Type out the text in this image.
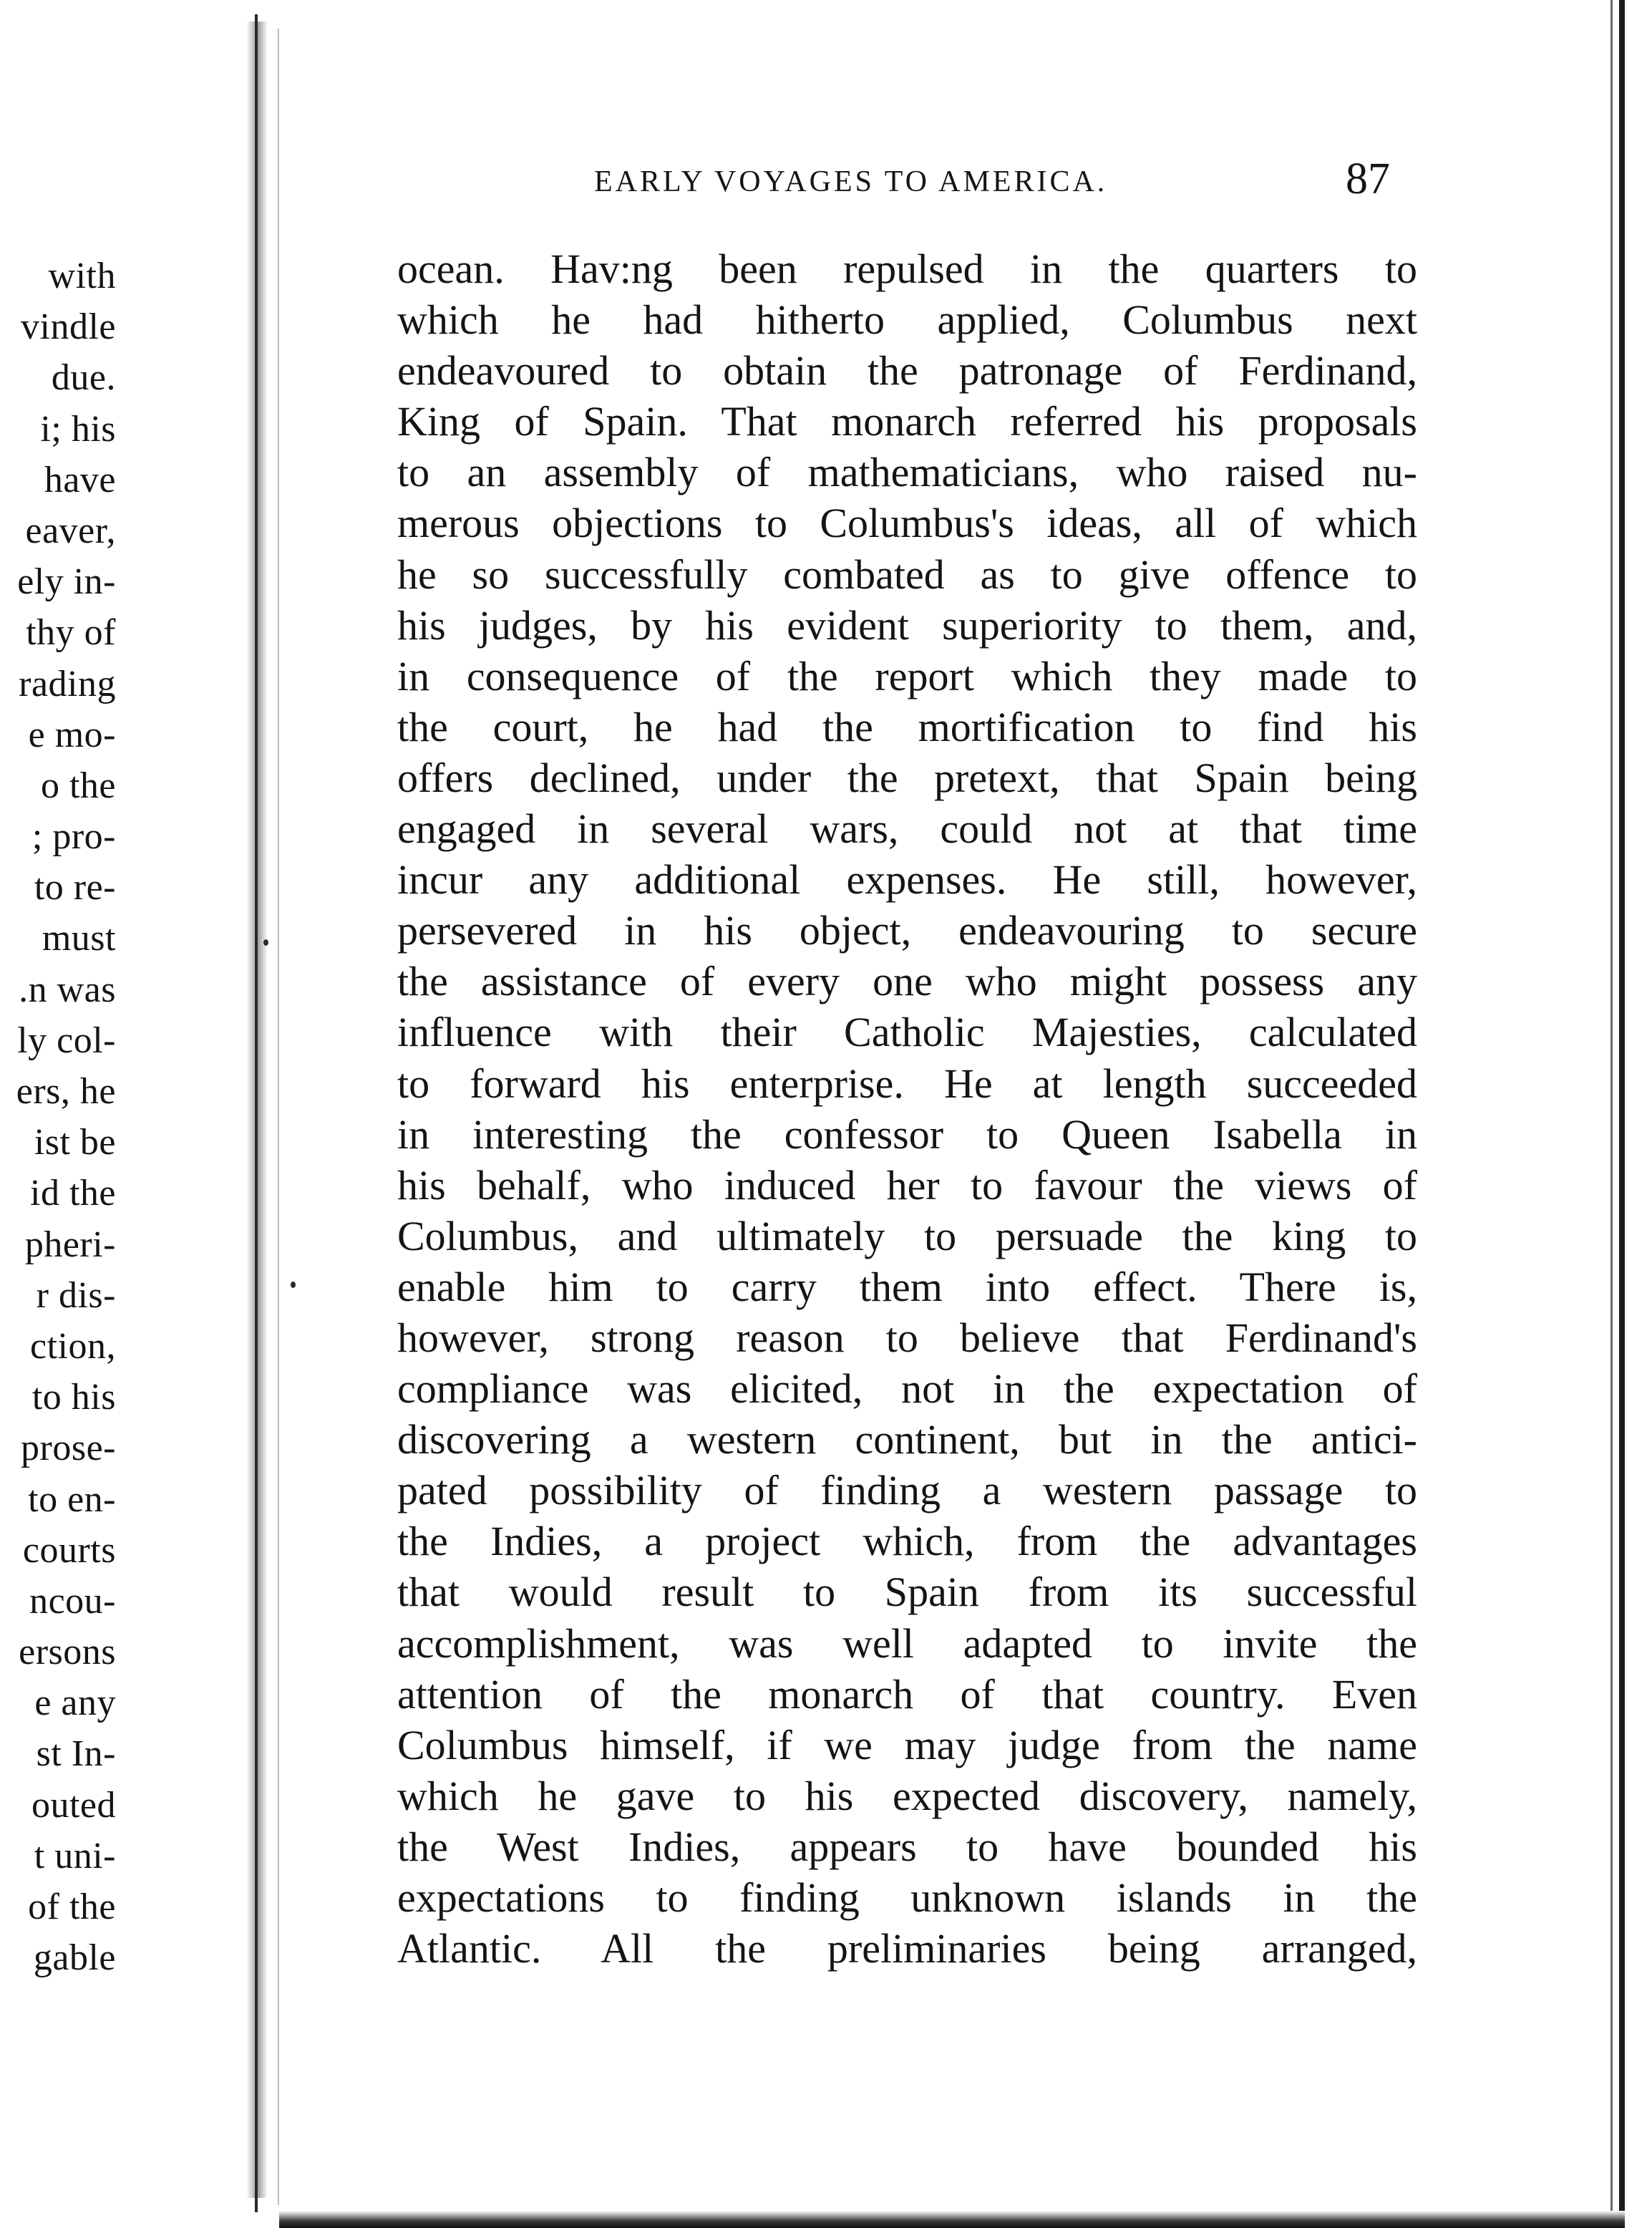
with
vindle
due.
i; his
have
eaver,
ely in-
thy of
rading
e mo-
o the
; pro-
to re-
must
.n was
ly col-
ers, he
ist be
id the
pheri-
r dis-
ction,
to his
prose-
to en-
courts
ncou-
ersons
e any
st In-
outed
t uni-
of the
gable
EARLY VOYAGES TO AMERICA.	87
ocean. Hav:ng been repulsed in the quarters to
which he had hitherto applied, Columbus next
endeavoured to obtain the patronage of Ferdinand,
King of Spain. That monarch referred his proposals
to an assembly of mathematicians, who raised nu-
merous objections to Columbus's ideas, all of which
he so successfully combated as to give offence to
his judges, by his evident superiority to them, and,
in consequence of the report which they made to
the court, he had the mortification to find his
offers declined, under the pretext, that Spain being
engaged in several wars, could not at that time
incur any additional expenses. He still, however,
persevered in his object, endeavouring to secure
the assistance of every one who might possess any
influence with their Catholic Majesties, calculated
to forward his enterprise. He at length succeeded
in interesting the confessor to Queen Isabella in
his behalf, who induced her to favour the views of
Columbus, and ultimately to persuade the king to
enable him to carry them into effect. There is,
however, strong reason to believe that Ferdinand's
compliance was elicited, not in the expectation of
discovering a western continent, but in the antici-
pated possibility of finding a western passage to
the Indies, a project which, from the advantages
that would result to Spain from its successful
accomplishment, was well adapted to invite the
attention of the monarch of that country. Even
Columbus himself, if we may judge from the name
which he gave to his expected discovery, namely,
the West Indies, appears to have bounded his
expectations to finding unknown islands in the
Atlantic. All the preliminaries being arranged,
